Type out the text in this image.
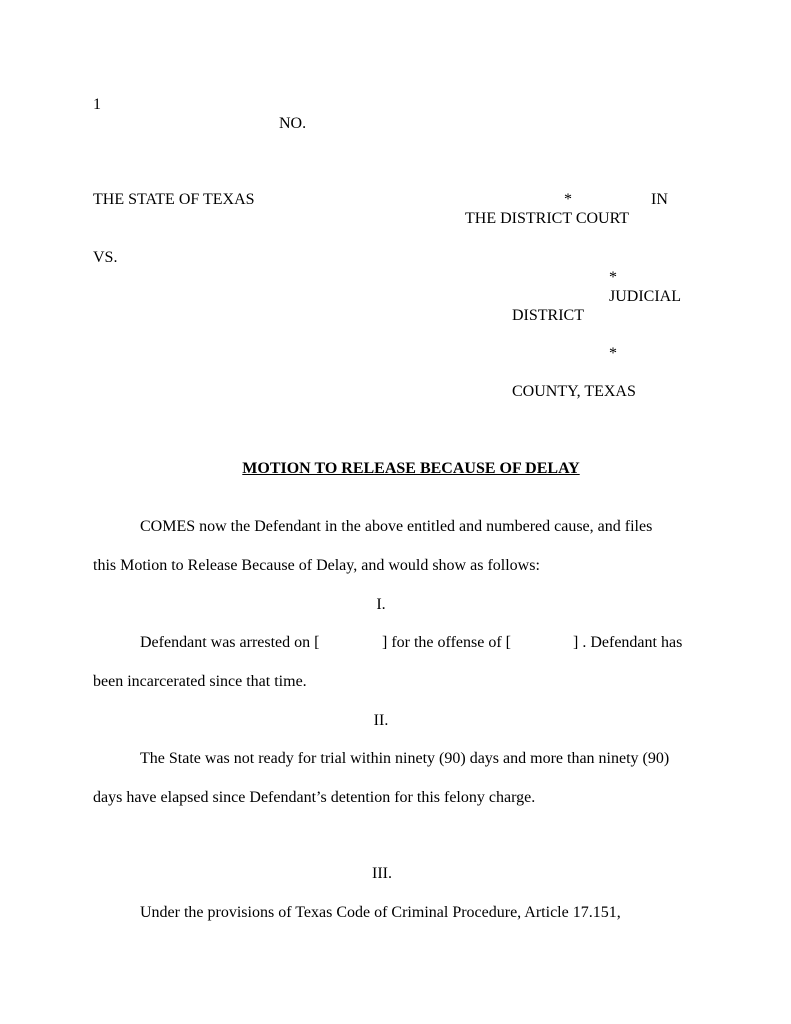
1
NO.
THE STATE OF TEXAS	*	IN
THE DISTRICT COURT
VS.
*
JUDICIAL
DISTRICT
*
COUNTY, TEXAS
MOTION TO RELEASE BECAUSE OF DELAY
COMES now the Defendant in the above entitled and numbered cause, and files
this Motion to Release Because of Delay, and would show as follows:
I.
Defendant was arrested on [	] for the offense of [	] . Defendant has
been incarcerated since that time.
II.
The State was not ready for trial within ninety (90) days and more than ninety (90)
days have elapsed since Defendant’s detention for this felony charge.
III.
Under the provisions of Texas Code of Criminal Procedure, Article 17.151,
